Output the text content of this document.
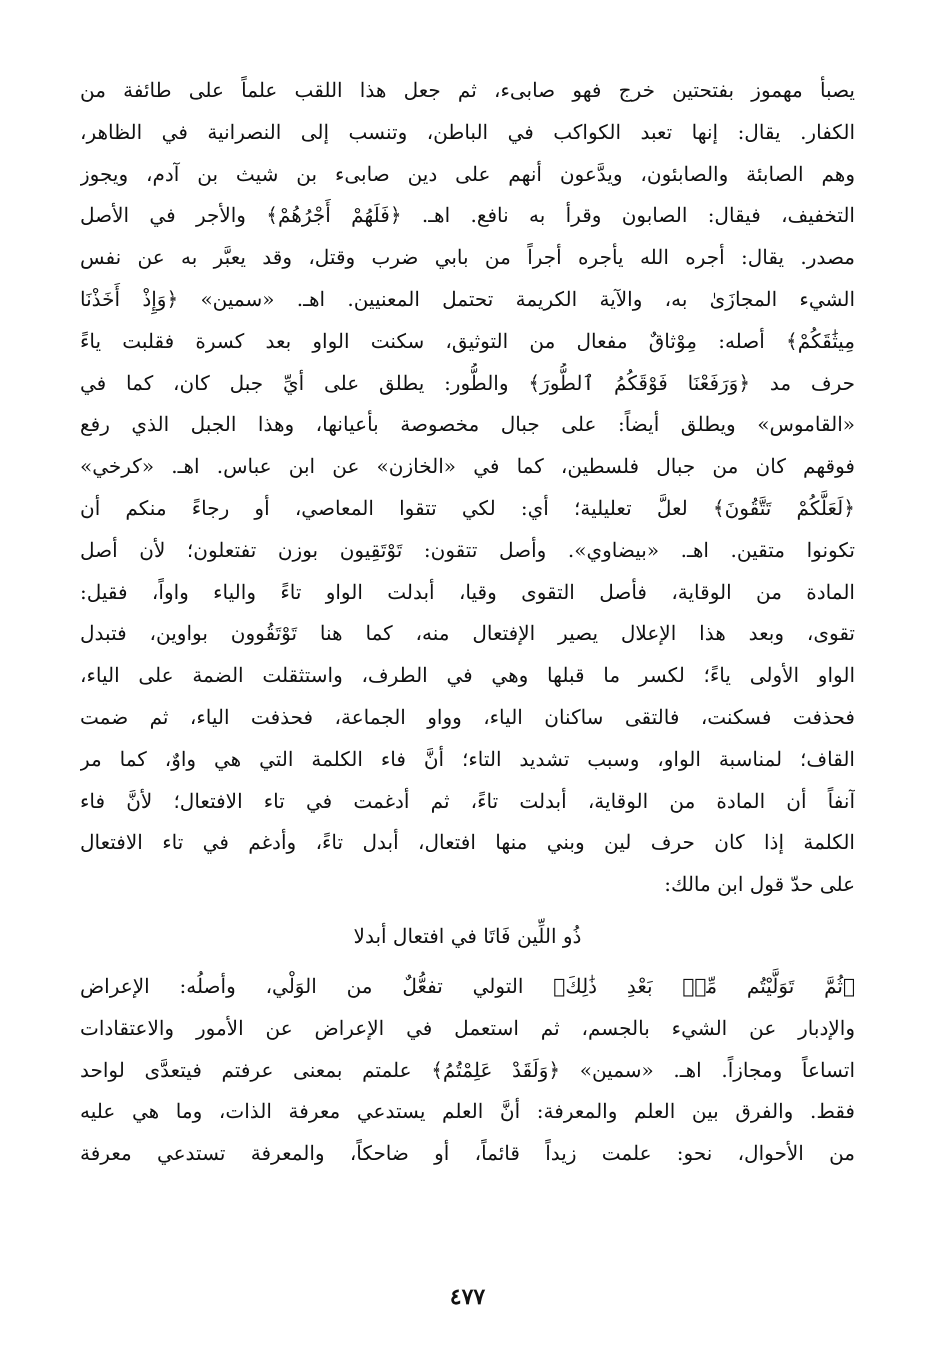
يصبأ مهموز بفتحتين خرج فهو صابىء، ثم جعل هذا اللقب علماً على طائفة من
الكفار. يقال: إنها تعبد الكواكب في الباطن، وتنسب إلى النصرانية في الظاهر،
وهم الصابئة والصابئون، ويدَّعون أنهم على دين صابىء بن شيث بن آدم، ويجوز
التخفيف، فيقال: الصابون وقرأ به نافع. اهـ. ﴿فَلَهُمْ أَجْرُهُمْ﴾ والأجر في الأصل
مصدر. يقال: أجره الله يأجره أجراً من بابي ضرب وقتل، وقد يعبَّر به عن نفس
الشيء المجازَىٰ به، والآية الكريمة تحتمل المعنيين. اهـ. «سمين» ﴿وَإِذْ أَخَذْنَا
مِيثَٰقَكُمْ﴾ أصله: مِوْثاقٌ مفعال من التوثيق، سكنت الواو بعد كسرة فقلبت ياءً
حرف مد ﴿وَرَفَعْنَا فَوْقَكُمُ ٱلطُّورَ﴾ والطُّور: يطلق على أيِّ جبل كان، كما في
«القاموس» ويطلق أيضاً: على جبال مخصوصة بأعيانها، وهذا الجبل الذي رفع
فوقهم كان من جبال فلسطين، كما في «الخازن» عن ابن عباس. اهـ. «كرخي»
﴿لَعَلَّكُمْ تَتَّقُونَ﴾ لعلَّ تعليلية؛ أي: لكي تتقوا المعاصي، أو رجاءً منكم أن
تكونوا متقين. اهـ. «بيضاوي». وأصل تتقون: تَوْتَقِيون بوزن تفتعلون؛ لأن أصل
المادة من الوقاية، فأصل التقوى وقيا، أبدلت الواو تاءً والياء واواً، فقيل:
تقوى، وبعد هذا الإعلال يصير الإفتعال منه، كما هنا تَوْتَقُوون بواوين، فتبدل
الواو الأولى ياءً؛ لكسر ما قبلها وهي في الطرف، واستثقلت الضمة على الياء،
فحذفت فسكنت، فالتقى ساكنان الياء، وواو الجماعة، فحذفت الياء، ثم ضمت
القاف؛ لمناسبة الواو، وسبب تشديد التاء؛ أنَّ فاء الكلمة التي هي واوٌ، كما مر
آنفاً أن المادة من الوقاية، أبدلت تاءً، ثم أدغمت في تاء الافتعال؛ لأنَّ فاء
الكلمة إذا كان حرف لين وبني منها افتعال، أبدل تاءً، وأدغم في تاء الافتعال
على حدّ قول ابن مالك:
ذُو اللِّين فَاتَا في افتعال أبدلا
﴿ثُمَّ تَوَلَّيْتُم مِّنۢ بَعْدِ ذَٰلِكَ﴾ التولي تفعُّلٌ من الوَلْي، وأصلُه: الإعراض
والإدبار عن الشيء بالجسم، ثم استعمل في الإعراض عن الأمور والاعتقادات
اتساعاً ومجازاً. اهـ. «سمين» ﴿وَلَقَدْ عَلِمْتُمُ﴾ علمتم بمعنى عرفتم فيتعدَّى لواحد
فقط. والفرق بين العلم والمعرفة: أنَّ العلم يستدعي معرفة الذات، وما هي عليه
من الأحوال، نحو: علمت زيداً قائماً، أو ضاحكاً، والمعرفة تستدعي معرفة
٤٧٧
